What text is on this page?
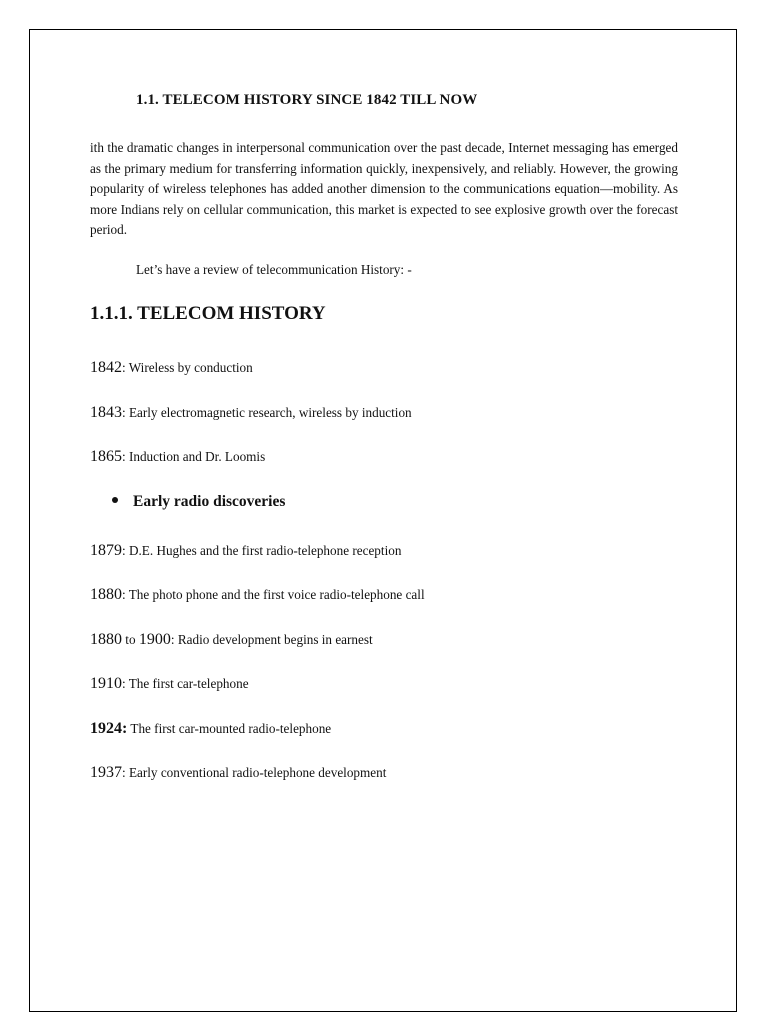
1.1. TELECOM HISTORY SINCE 1842 TILL NOW
ith the dramatic changes in interpersonal communication over the past decade, Internet messaging has emerged as the primary medium for transferring information quickly, inexpensively, and reliably. However, the growing popularity of wireless telephones has added another dimension to the communications equation—mobility. As more Indians rely on cellular communication, this market is expected to see explosive growth over the forecast period.
Let’s have a review of telecommunication History: -
1.1.1. TELECOM HISTORY
1842: Wireless by conduction
1843: Early electromagnetic research, wireless by induction
1865: Induction and Dr. Loomis
Early radio discoveries
1879: D.E. Hughes and the first radio-telephone reception
1880: The photo phone and the first voice radio-telephone call
1880 to 1900: Radio development begins in earnest
1910: The first car-telephone
1924: The first car-mounted radio-telephone
1937: Early conventional radio-telephone development
